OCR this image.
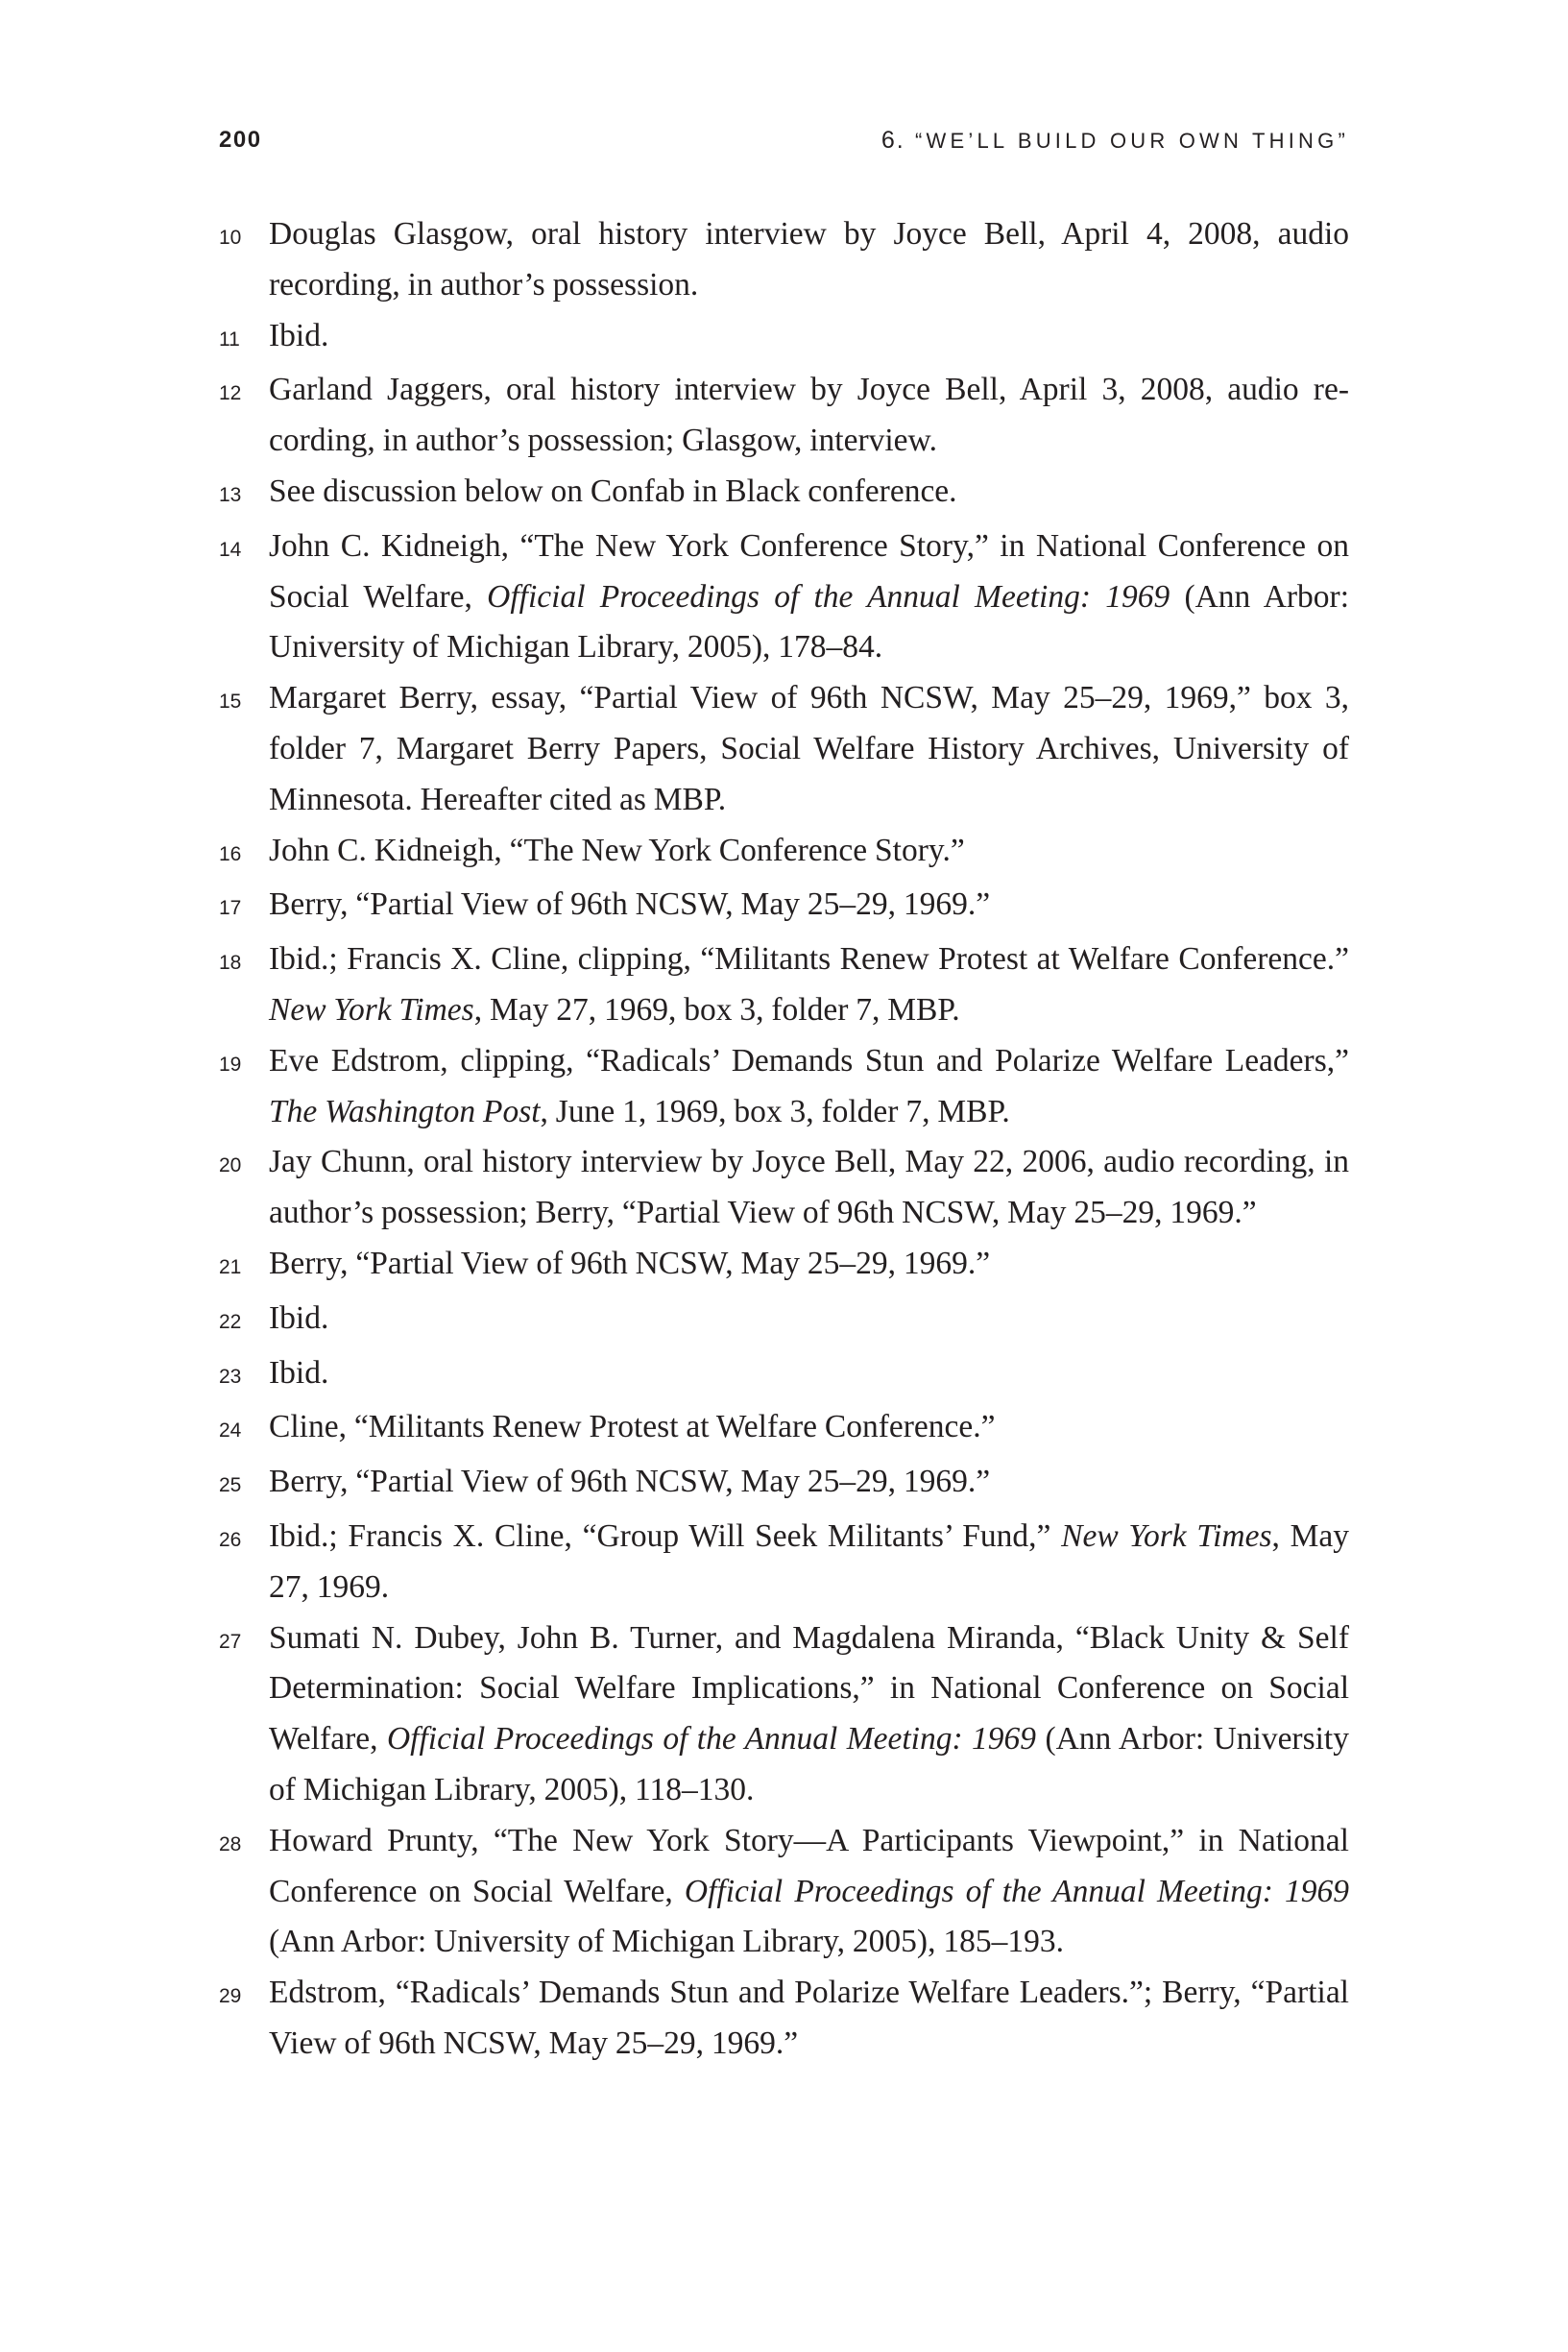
200	6. “WE’LL BUILD OUR OWN THING”
10 Douglas Glasgow, oral history interview by Joyce Bell, April 4, 2008, audio recording, in author’s possession.
11 Ibid.
12 Garland Jaggers, oral history interview by Joyce Bell, April 3, 2008, audio recording, in author’s possession; Glasgow, interview.
13 See discussion below on Confab in Black conference.
14 John C. Kidneigh, “The New York Conference Story,” in National Conference on Social Welfare, Official Proceedings of the Annual Meeting: 1969 (Ann Arbor: University of Michigan Library, 2005), 178–84.
15 Margaret Berry, essay, “Partial View of 96th NCSW, May 25–29, 1969,” box 3, folder 7, Margaret Berry Papers, Social Welfare History Archives, University of Minnesota. Hereafter cited as MBP.
16 John C. Kidneigh, “The New York Conference Story.”
17 Berry, “Partial View of 96th NCSW, May 25–29, 1969.”
18 Ibid.; Francis X. Cline, clipping, “Militants Renew Protest at Welfare Conference.” New York Times, May 27, 1969, box 3, folder 7, MBP.
19 Eve Edstrom, clipping, “Radicals’ Demands Stun and Polarize Welfare Leaders,” The Washington Post, June 1, 1969, box 3, folder 7, MBP.
20 Jay Chunn, oral history interview by Joyce Bell, May 22, 2006, audio recording, in author’s possession; Berry, “Partial View of 96th NCSW, May 25–29, 1969.”
21 Berry, “Partial View of 96th NCSW, May 25–29, 1969.”
22 Ibid.
23 Ibid.
24 Cline, “Militants Renew Protest at Welfare Conference.”
25 Berry, “Partial View of 96th NCSW, May 25–29, 1969.”
26 Ibid.; Francis X. Cline, “Group Will Seek Militants’ Fund,” New York Times, May 27, 1969.
27 Sumati N. Dubey, John B. Turner, and Magdalena Miranda, “Black Unity & Self Determination: Social Welfare Implications,” in National Conference on Social Welfare, Official Proceedings of the Annual Meeting: 1969 (Ann Arbor: University of Michigan Library, 2005), 118–130.
28 Howard Prunty, “The New York Story—A Participants Viewpoint,” in National Conference on Social Welfare, Official Proceedings of the Annual Meeting: 1969 (Ann Arbor: University of Michigan Library, 2005), 185–193.
29 Edstrom, “Radicals’ Demands Stun and Polarize Welfare Leaders.”; Berry, “Partial View of 96th NCSW, May 25–29, 1969.”
